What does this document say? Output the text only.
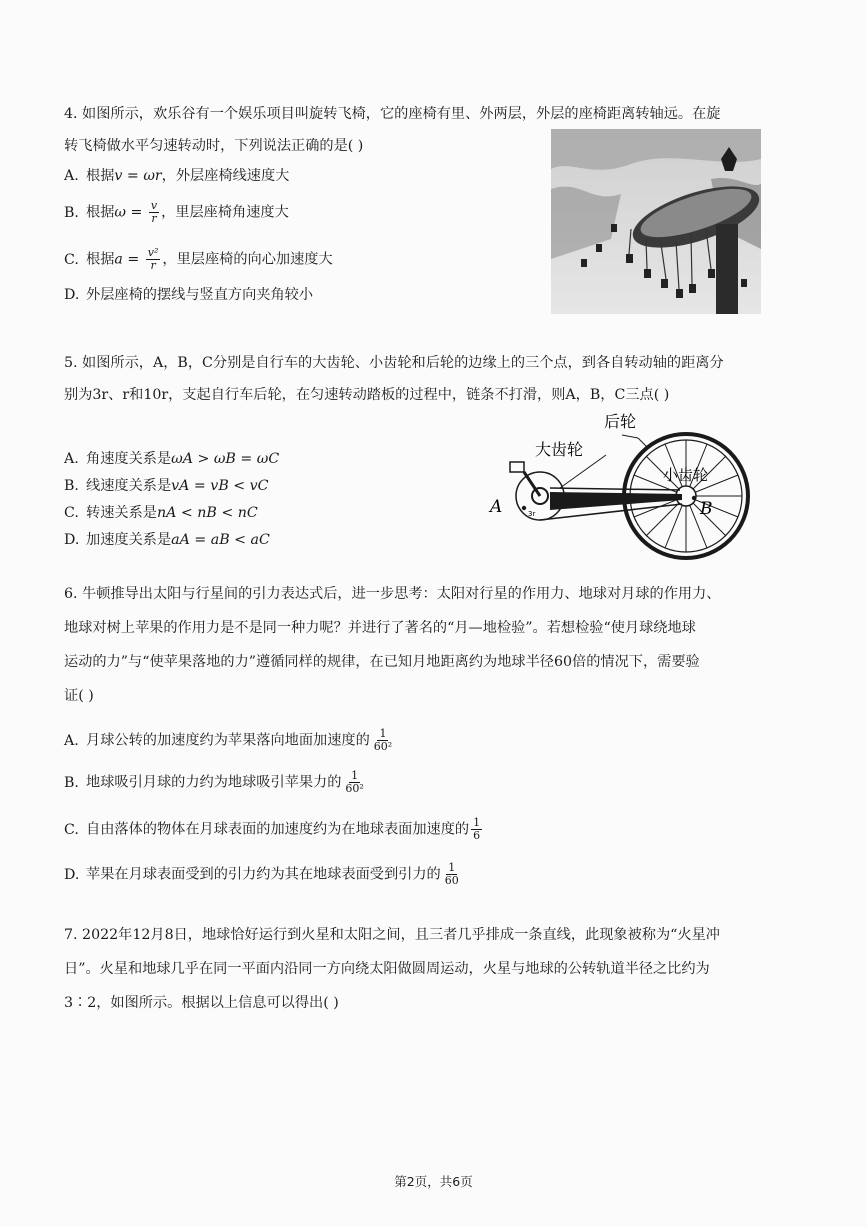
4. 如图所示，欢乐谷有一个娱乐项目叫旋转飞椅，它的座椅有里、外两层，外层的座椅距离转轴远。在旋
转飞椅做水平匀速转动时，下列说法正确的是( )
A. 根据v = ωr，外层座椅线速度大
B. 根据$\omega = \frac{v}{r}$ ，里层座椅角速度大
C. 根据$a = \frac{\text{v²}}{r}$ ，里层座椅的向心加速度大
D. 外层座椅的摆线与竖直方向夹角较小
5. 如图所示，A，B，C分别是自行车的大齿轮、小齿轮和后轮的边缘上的三个点，到各自转动轴的距离分
别为3r、r和10r，支起自行车后轮，在匀速转动踏板的过程中，链条不打滑，则A，B，C三点( )
A. 角速度关系是ωA > ωB = ωC
B. 线速度关系是vA = vB < vC
C. 转速关系是nA < nB < nC
D. 加速度关系是aA = aB < aC
后轮
大齿轮
小齿轮
A	B
3r
6. 牛顿推导出太阳与行星间的引力表达式后，进一步思考：太阳对行星的作用力、地球对月球的作用力、
地球对树上苹果的作用力是不是同一种力呢？并进行了著名的“月—地检验”。若想检验“使月球绕地球
运动的力”与“使苹果落地的力”遵循同样的规律，在已知月地距离约为地球半径60倍的情况下，需要验
证( )
A. 月球公转的加速度约为苹果落向地面加速度的 $\frac{1}{\text{60²}}$
B. 地球吸引月球的力约为地球吸引苹果力的 $\frac{1}{\text{60²}}$
C. 自由落体的物体在月球表面的加速度约为在地球表面加速度的 $\frac{1}{6}$
D. 苹果在月球表面受到的引力约为其在地球表面受到引力的 $\frac{1}{60}$
7. 2022年12月8日，地球恰好运行到火星和太阳之间，且三者几乎排成一条直线，此现象被称为“火星冲
日”。火星和地球几乎在同一平面内沿同一方向绕太阳做圆周运动，火星与地球的公转轨道半径之比约为
3∶2，如图所示。根据以上信息可以得出( )
第2页，共6页
